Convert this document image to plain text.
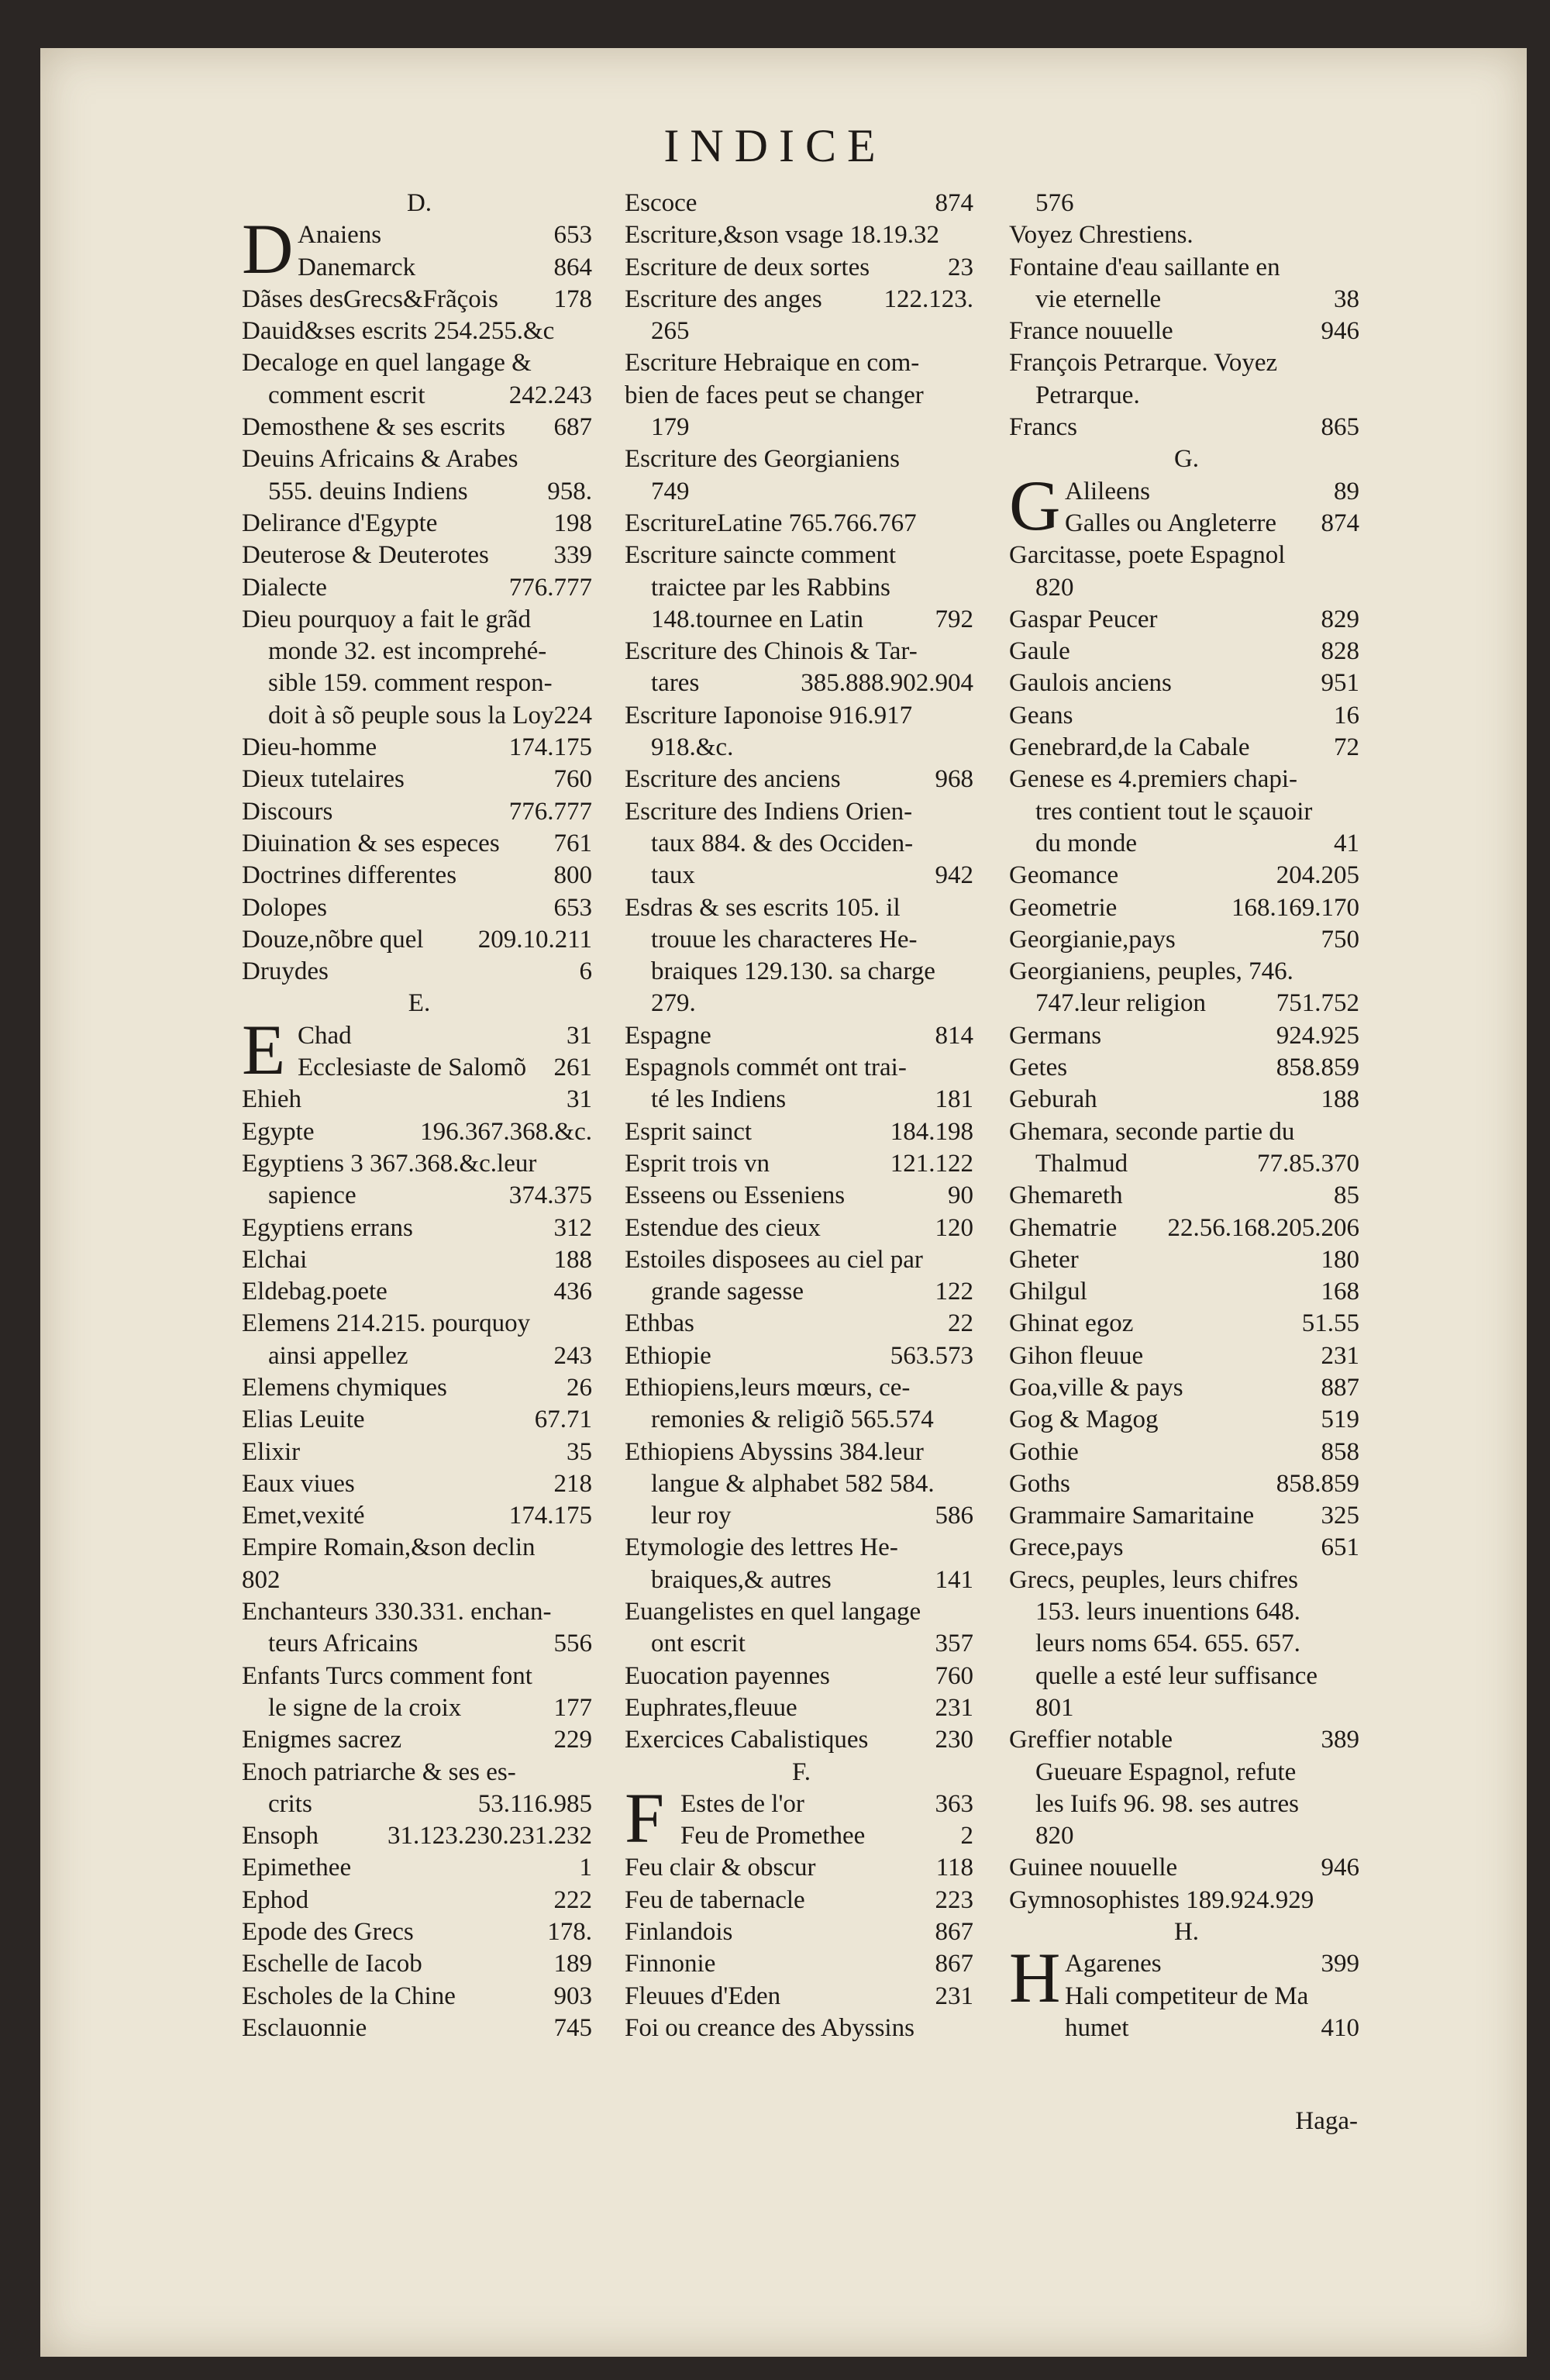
INDICE
D.
D Anaiens	653
Danemarck	864
Dãses desGrecs&Frãçois 178
Dauid&ses escrits 254.255.&c
Decaloge en quel langage &
comment escrit	242.243
Demosthene & ses escrits 687
Deuins Africains & Arabes
555. deuins Indiens	958.
Delirance d'Egypte	198
Deuterose & Deuterotes	339
Dialecte	776.777
Dieu pourquoy a fait le grãd
monde 32. est incomprehé-
sible 159. comment respon-
doit à sõ peuple sous la Loy 224
Dieu-homme	174.175
Dieux tutelaires	760
Discours	776.777
Diuination & ses especes 761
Doctrines differentes	800
Dolopes	653
Douze,nõbre quel 209.10.211
Druydes	6
E.
E Chad	31
Ecclesiaste de Salomõ 261
Ehieh	31
Egypte	196.367.368.&c.
Egyptiens 3 367.368.&c.leur
sapience	374.375
Egyptiens errans	312
Elchai	188
Eldebag.poete	436
Elemens 214.215. pourquoy
ainsi appellez	243
Elemens chymiques	26
Elias Leuite	67.71
Elixir	35
Eaux viues	218
Emet,vexité	174.175
Empire Romain,&son declin
802
Enchanteurs 330.331. enchan-
teurs Africains	556
Enfants Turcs comment font
le signe de la croix	177
Enigmes sacrez	229
Enoch patriarche & ses es-
crits	53.116.985
Ensoph	31.123.230.231.232
Epimethee	1
Ephod	222
Epode des Grecs	178.
Eschelle de Iacob	189
Escholes de la Chine	903
Esclauonnie	745
Escoce	874
Escriture,&son vsage 18.19.32
Escriture de deux sortes	23
Escriture des anges 122.123.
265
Escriture Hebraique en com-
bien de faces peut se changer
179
Escriture des Georgianiens
749
EscritureLatine 765.766.767
Escriture saincte comment
traictee par les Rabbins
148.tournee en Latin	792
Escriture des Chinois & Tar-
tares	385.888.902.904
Escriture Iaponoise 916.917
918.&c.
Escriture des anciens	968
Escriture des Indiens Orien-
taux 884. & des Occiden-
taux	942
Esdras & ses escrits 105. il
trouue les characteres He-
braiques 129.130. sa charge
279.
Espagne	814
Espagnols commét ont trai-
té les Indiens	181
Esprit sainct	184.198
Esprit trois vn	121.122
Esseens ou Esseniens	90
Estendue des cieux	120
Estoiles disposees au ciel par
grande sagesse	122
Ethbas	22
Ethiopie	563.573
Ethiopiens,leurs mœurs, ce-
remonies & religiõ 565.574
Ethiopiens Abyssins 384.leur
langue & alphabet 582 584.
leur roy	586
Etymologie des lettres He-
braiques,& autres	141
Euangelistes en quel langage
ont escrit	357
Euocation payennes	760
Euphrates,fleuue	231
Exercices Cabalistiques	230
F.
F Estes de l'or	363
Feu de Promethee	2
Feu clair & obscur	118
Feu de tabernacle	223
Finlandois	867
Finnonie	867
Fleuues d'Eden	231
Foi ou creance des Abyssins
576
Voyez Chrestiens.
Fontaine d'eau saillante en
vie eternelle	38
France nouuelle	946
François Petrarque. Voyez
Petrarque.
Francs	865
G.
G Alileens	89
Galles ou Angleterre 874
Garcitasse, poete Espagnol
820
Gaspar Peucer	829
Gaule	828
Gaulois anciens	951
Geans	16
Genebrard,de la Cabale	72
Genese es 4.premiers chapi-
tres contient tout le sçauoir
du monde	41
Geomance	204.205
Geometrie	168.169.170
Georgianie,pays	750
Georgianiens, peuples, 746.
747.leur religion	751.752
Germans	924.925
Getes	858.859
Geburah	188
Ghemara, seconde partie du
Thalmud	77.85.370
Ghemareth	85
Ghematrie 22.56.168.205.206
Gheter	180
Ghilgul	168
Ghinat egoz	51.55
Gihon fleuue	231
Goa,ville & pays	887
Gog & Magog	519
Gothie	858
Goths	858.859
Grammaire Samaritaine	325
Grece,pays	651
Grecs, peuples, leurs chifres
153. leurs inuentions 648.
leurs noms 654. 655. 657.
quelle a esté leur suffisance
801
Greffier notable	389
Gueuare Espagnol, refute
les Iuifs 96. 98. ses autres
820
Guinee nouuelle	946
Gymnosophistes 189.924.929
H.
H Agarenes	399
Hali competiteur de Ma
humet	410
Haga-
